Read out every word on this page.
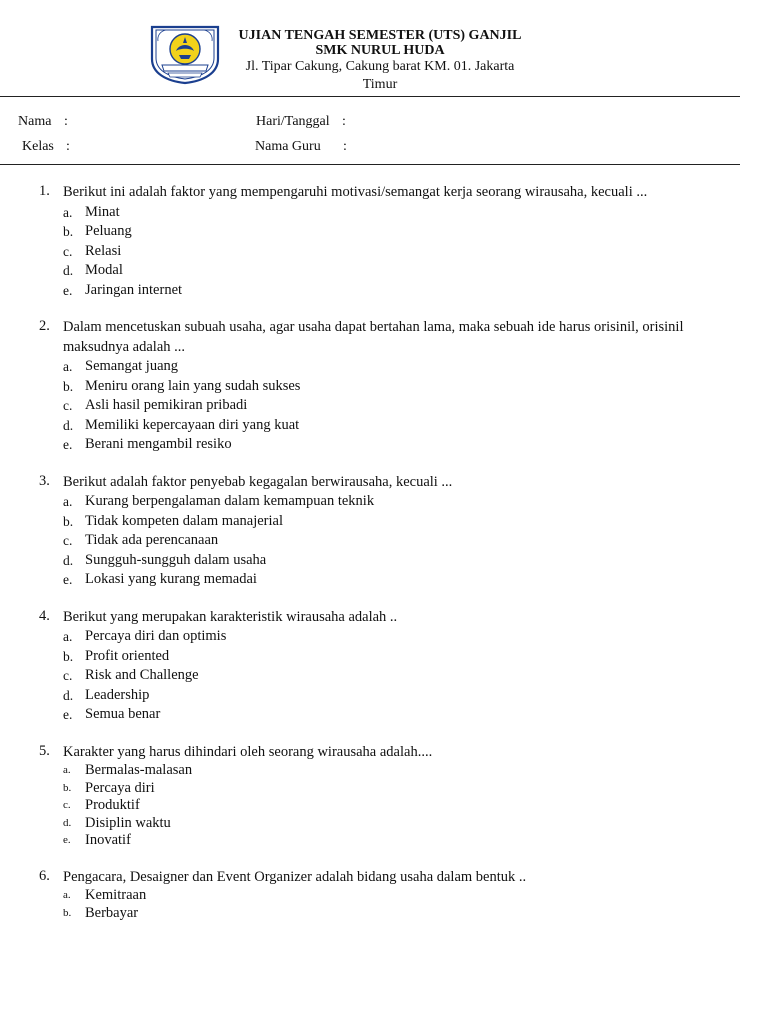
UJIAN TENGAH SEMESTER (UTS) GANJIL
SMK NURUL HUDA
Jl. Tipar Cakung, Cakung barat KM. 01. Jakarta Timur
Nama :
Kelas :
Hari/Tanggal :
Nama Guru :
1. Berikut ini adalah faktor yang mempengaruhi motivasi/semangat kerja seorang wirausaha, kecuali ...
a. Minat
b. Peluang
c. Relasi
d. Modal
e. Jaringan internet
2. Dalam mencetuskan subuah usaha, agar usaha dapat bertahan lama, maka sebuah ide harus orisinil, orisinil maksudnya adalah ...
a. Semangat juang
b. Meniru orang lain yang sudah sukses
c. Asli hasil pemikiran pribadi
d. Memiliki kepercayaan diri yang kuat
e. Berani mengambil resiko
3. Berikut adalah faktor penyebab kegagalan berwirausaha, kecuali ...
a. Kurang berpengalaman dalam kemampuan teknik
b. Tidak kompeten dalam manajerial
c. Tidak ada perencanaan
d. Sungguh-sungguh dalam usaha
e. Lokasi yang kurang memadai
4. Berikut yang merupakan karakteristik wirausaha adalah ..
a. Percaya diri dan optimis
b. Profit oriented
c. Risk and Challenge
d. Leadership
e. Semua benar
5. Karakter yang harus dihindari oleh seorang wirausaha adalah....
a. Bermalas-malasan
b. Percaya diri
c. Produktif
d. Disiplin waktu
e. Inovatif
6. Pengacara, Desaigner dan Event Organizer adalah bidang usaha dalam bentuk ..
a. Kemitraan
b. Berbayar
